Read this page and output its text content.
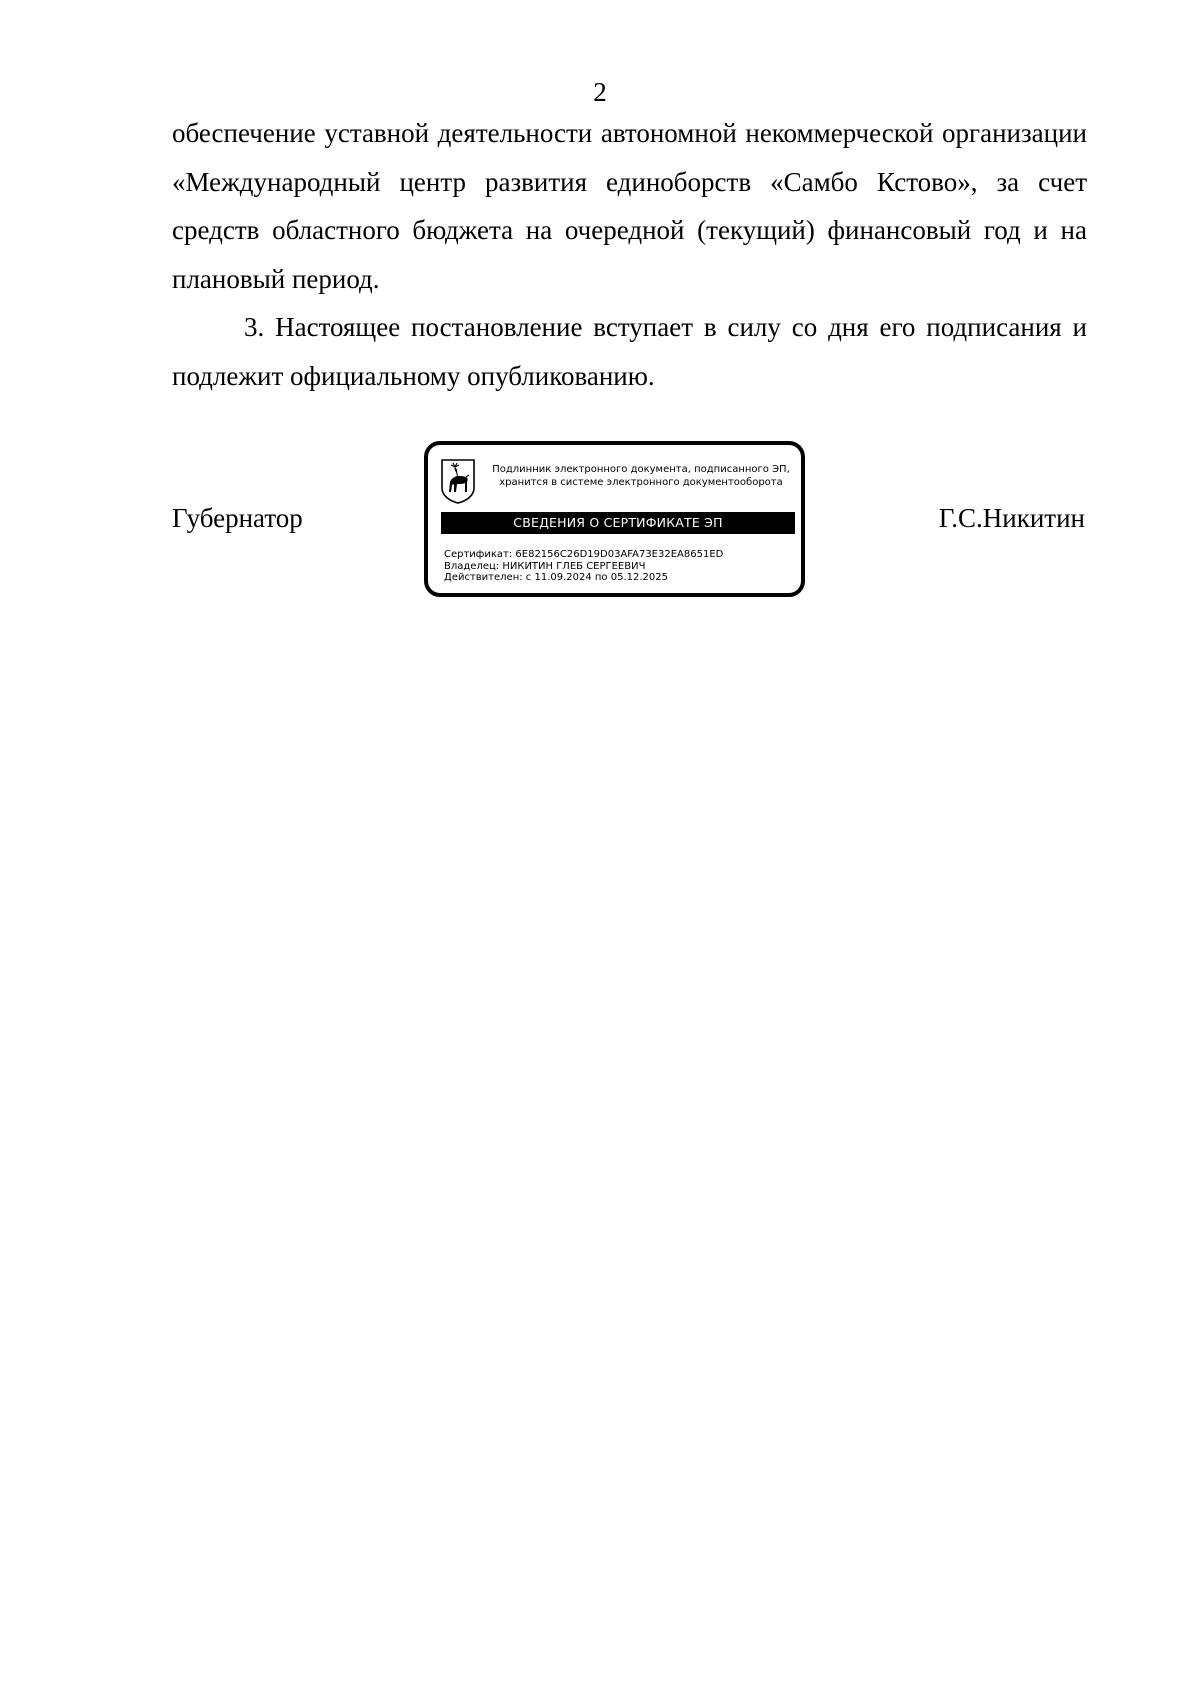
2

обеспечение уставной деятельности автономной некоммерческой организации «Международный центр развития единоборств «Самбо Кстово», за счет средств областного бюджета на очередной (текущий) финансовый год и на плановый период.

3. Настоящее постановление вступает в силу со дня его подписания и подлежит официальному опубликованию.

Губернатор	Г.С.Никитин
Подлинник электронного документа, подписанного ЭП,
хранится в системе электронного документооборота
СВЕДЕНИЯ О СЕРТИФИКАТЕ ЭП
Сертификат: 6E82156C26D19D03AFA73E32EA8651ED
Владелец: НИКИТИН ГЛЕБ СЕРГЕЕВИЧ
Действителен: с 11.09.2024 по 05.12.2025
